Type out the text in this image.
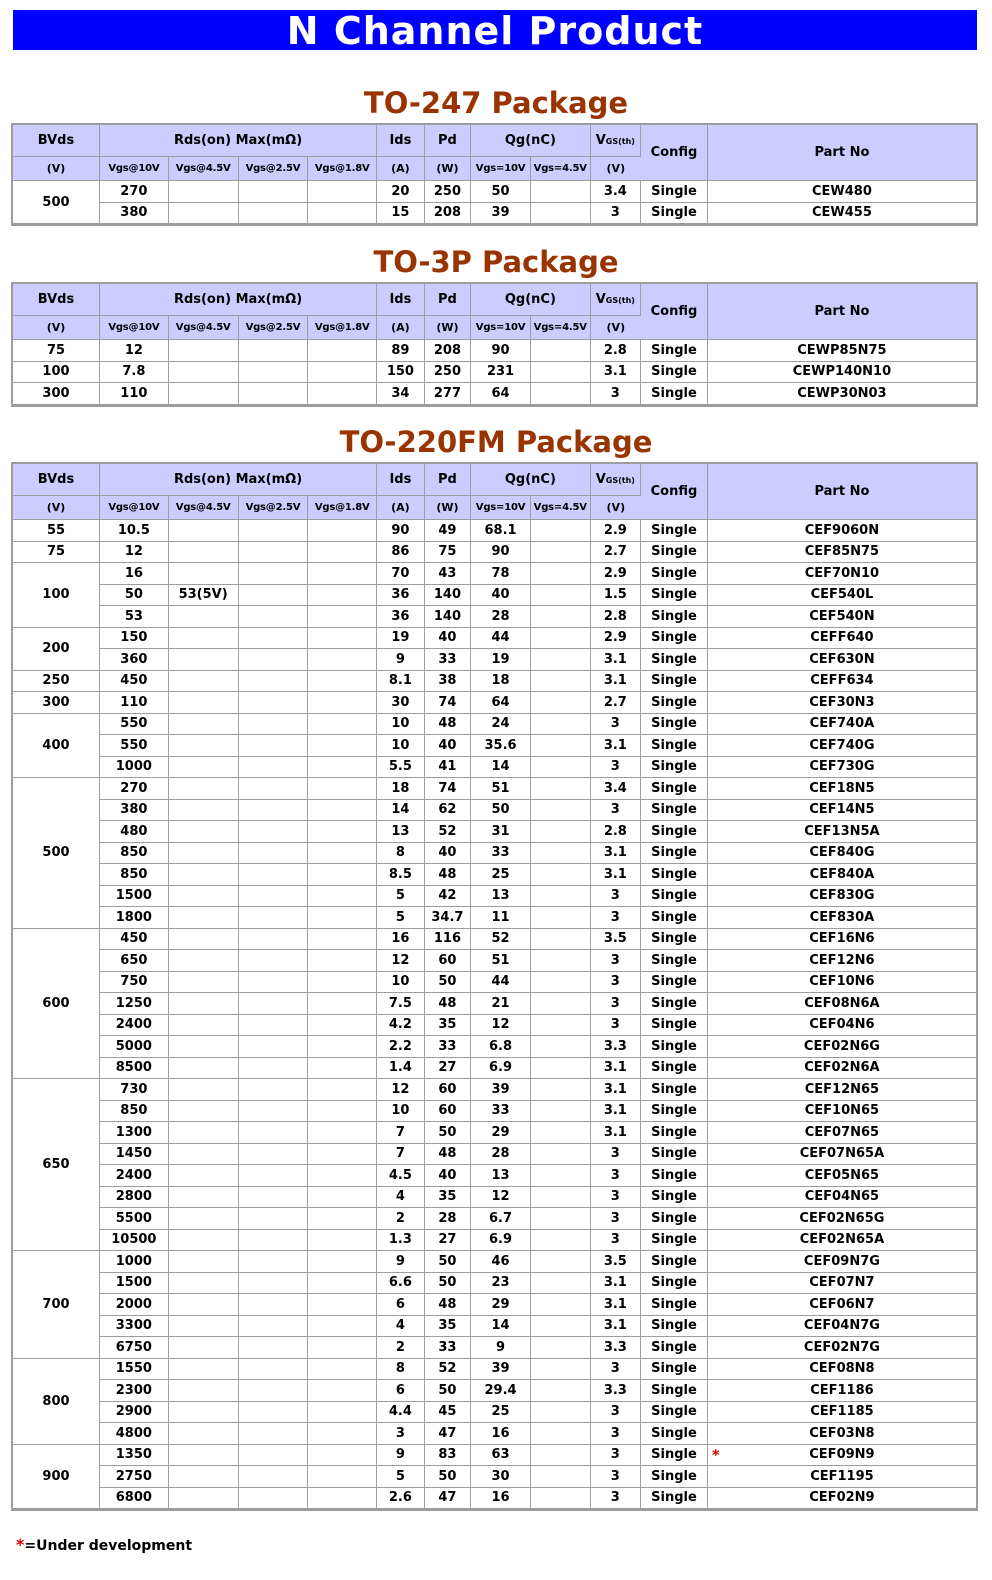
N Channel Product
TO-247 Package
BVds	Rds(on) Max(mΩ)				Ids	Pd	Qg(nC)		VGS(th)	Config	Part No
(V)	Vgs@10V	Vgs@4.5V	Vgs@2.5V	Vgs@1.8V	(A)	(W)	Vgs=10V	Vgs=4.5V	(V)		
500	270				20	250	50		3.4	Single	CEW480
	380				15	208	39		3	Single	CEW455
TO-3P Package
BVds	Rds(on) Max(mΩ)				Ids	Pd	Qg(nC)		VGS(th)	Config	Part No
(V)	Vgs@10V	Vgs@4.5V	Vgs@2.5V	Vgs@1.8V	(A)	(W)	Vgs=10V	Vgs=4.5V	(V)		
75	12				89	208	90		2.8	Single	CEWP85N75
100	7.8				150	250	231		3.1	Single	CEWP140N10
300	110				34	277	64		3	Single	CEWP30N03
TO-220FM Package
BVds	Rds(on) Max(mΩ)				Ids	Pd	Qg(nC)		VGS(th)	Config	Part No
(V)	Vgs@10V	Vgs@4.5V	Vgs@2.5V	Vgs@1.8V	(A)	(W)	Vgs=10V	Vgs=4.5V	(V)		
55	10.5				90	49	68.1		2.9	Single	CEF9060N
75	12				86	75	90		2.7	Single	CEF85N75
100	16				70	43	78		2.9	Single	CEF70N10
	50	53(5V)			36	140	40		1.5	Single	CEF540L
	53				36	140	28		2.8	Single	CEF540N
200	150				19	40	44		2.9	Single	CEFF640
	360				9	33	19		3.1	Single	CEF630N
250	450				8.1	38	18		3.1	Single	CEFF634
300	110				30	74	64		2.7	Single	CEF30N3
400	550				10	48	24		3	Single	CEF740A
	550				10	40	35.6		3.1	Single	CEF740G
	1000				5.5	41	14		3	Single	CEF730G
500	270				18	74	51		3.4	Single	CEF18N5
	380				14	62	50		3	Single	CEF14N5
	480				13	52	31		2.8	Single	CEF13N5A
	850				8	40	33		3.1	Single	CEF840G
	850				8.5	48	25		3.1	Single	CEF840A
	1500				5	42	13		3	Single	CEF830G
	1800				5	34.7	11		3	Single	CEF830A
600	450				16	116	52		3.5	Single	CEF16N6
	650				12	60	51		3	Single	CEF12N6
	750				10	50	44		3	Single	CEF10N6
	1250				7.5	48	21		3	Single	CEF08N6A
	2400				4.2	35	12		3	Single	CEF04N6
	5000				2.2	33	6.8		3.3	Single	CEF02N6G
	8500				1.4	27	6.9		3.1	Single	CEF02N6A
650	730				12	60	39		3.1	Single	CEF12N65
	850				10	60	33		3.1	Single	CEF10N65
	1300				7	50	29		3.1	Single	CEF07N65
	1450				7	48	28		3	Single	CEF07N65A
	2400				4.5	40	13		3	Single	CEF05N65
	2800				4	35	12		3	Single	CEF04N65
	5500				2	28	6.7		3	Single	CEF02N65G
	10500				1.3	27	6.9		3	Single	CEF02N65A
700	1000				9	50	46		3.5	Single	CEF09N7G
	1500				6.6	50	23		3.1	Single	CEF07N7
	2000				6	48	29		3.1	Single	CEF06N7
	3300				4	35	14		3.1	Single	CEF04N7G
	6750				2	33	9		3.3	Single	CEF02N7G
800	1550				8	52	39		3	Single	CEF08N8
	2300				6	50	29.4		3.3	Single	CEF1186
	2900				4.4	45	25		3	Single	CEF1185
	4800				3	47	16		3	Single	CEF03N8
900	1350				9	83	63		3	Single	* CEF09N9
	2750				5	50	30		3	Single	CEF1195
	6800				2.6	47	16		3	Single	CEF02N9
*=Under development
